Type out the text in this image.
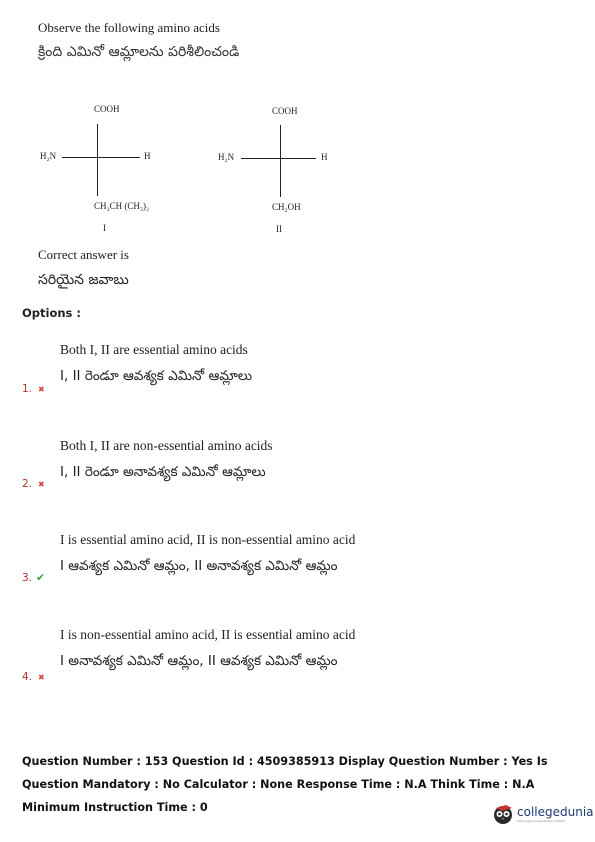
Observe the following amino acids
క్రింది ఎమినో ఆమ్లాలను పరిశీలించండి
COOH
H₂N	H
CH₂CH (CH₃)₂
I
COOH
H₂N	H
CH₂OH
II
Correct answer is
సరియైన జవాబు
Options :
Both I, II are essential amino acids
I, II రెండూ ఆవశ్యక ఎమినో ఆమ్లాలు
1. ✖
Both I, II are non-essential amino acids
I, II రెండూ అనావశ్యక ఎమినో ఆమ్లాలు
2. ✖
I is essential amino acid, II is non-essential amino acid
I ఆవశ్యక ఎమినో ఆమ్లం, II అనావశ్యక ఎమినో ఆమ్లం
3. ✔
I is non-essential amino acid, II is essential amino acid
I అనావశ్యక ఎమినో ఆమ్లం, II ఆవశ్యక ఎమినో ఆమ్లం
4. ✖
Question Number : 153 Question Id : 4509385913 Display Question Number : Yes Is Question Mandatory : No Calculator : None Response Time : N.A Think Time : N.A Minimum Instruction Time : 0	collegedunia
India's largest Student Review Platform
